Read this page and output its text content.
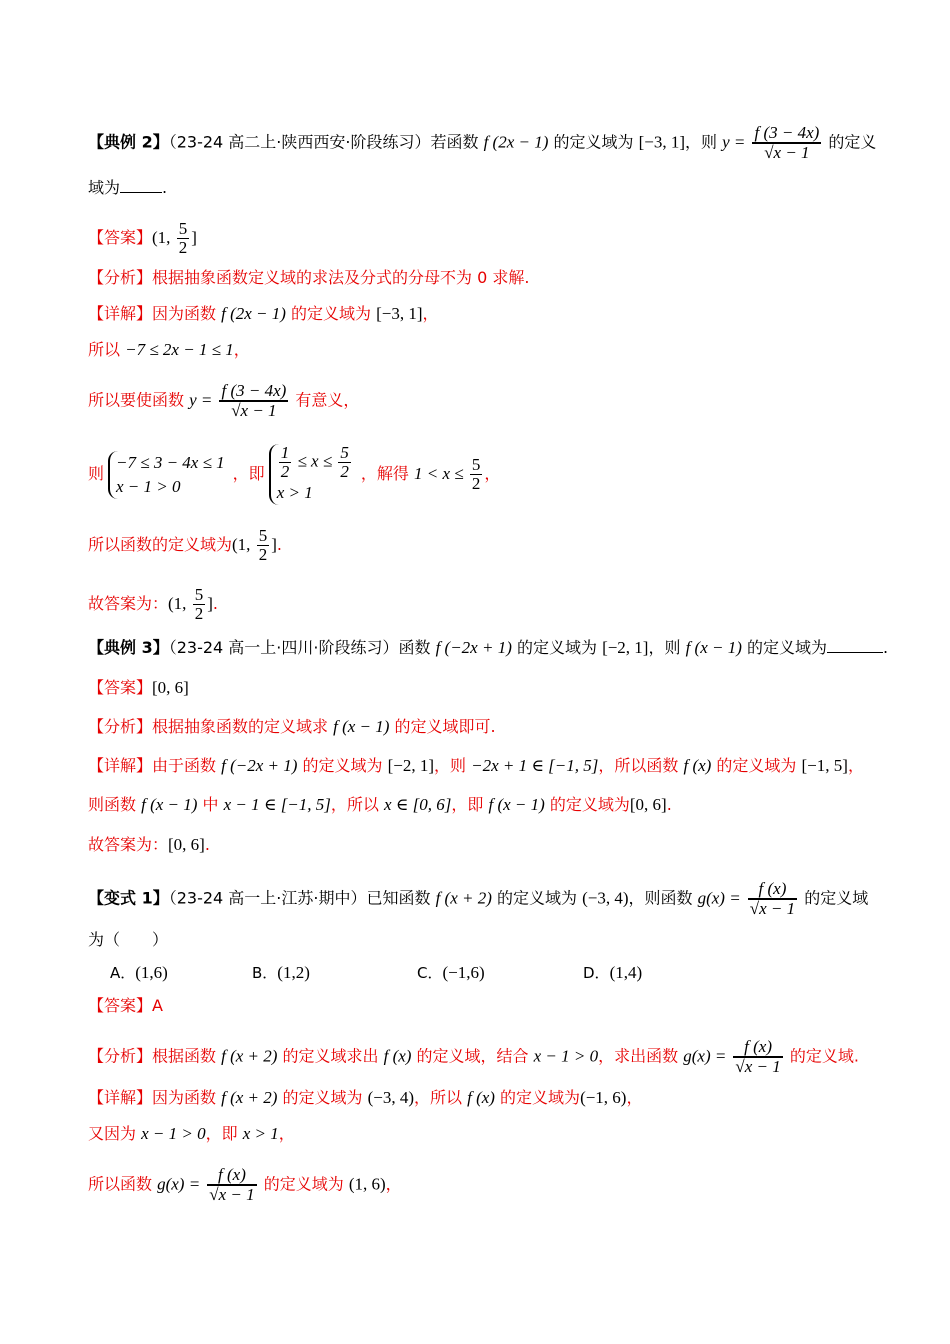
【典例 2】（23-24 高二上·陕西西安·阶段练习）若函数 f (2x − 1) 的定义域为 [−3, 1]，则 $y = \frac{f (3 - 4x)}{√x - 1}$ 的定义
域为	.
【答案】(1, $\frac{5}{2}$ ]
【分析】根据抽象函数定义域的求法及分式的分母不为 0 求解.
【详解】因为函数 f (2x − 1) 的定义域为 [−3, 1]，
所以 −7 ≤ 2x − 1 ≤ 1，
所以要使函数 $y = \frac{f (3 - 4x)}{√x - 1}$ 有意义，
则
−7 ≤ 3 − 4x ≤ 1
x − 1 > 0
，即 $\frac{1}{2} \le x \le \frac{5}{2}$
x > 1
，解得 $1 < x \le \frac{5}{2}$ ，
所以函数的定义域为(1, $\frac{5}{2}$ ].
故答案为：(1, $\frac{5}{2}$ ].
【典例 3】（23-24 高一上·四川·阶段练习）函数 f (−2x + 1) 的定义域为 [−2, 1]，则 f (x − 1) 的定义域为	.
【答案】[0, 6]
【分析】根据抽象函数的定义域求 f (x − 1) 的定义域即可.
【详解】由于函数 f (−2x + 1) 的定义域为 [−2, 1]，则 −2x + 1 ∈ [−1, 5]，所以函数 f (x) 的定义域为 [−1, 5]，
则函数 f (x − 1) 中 x − 1 ∈ [−1, 5]，所以 x ∈ [0, 6]，即 f (x − 1) 的定义域为[0, 6].
故答案为：[0, 6].
【变式 1】（23-24 高一上·江苏·期中）已知函数 f (x + 2) 的定义域为 (−3, 4)，则函数 $g(x) = \frac{f (x)}{√x - 1}$ 的定义域
为（　　）
A．(1,6)	B．(1,2)	C．(−1,6)	D．(1,4)
【答案】A
【分析】根据函数 f (x + 2) 的定义域求出 f (x) 的定义域，结合 x − 1 > 0，求出函数 $g(x) = \frac{f (x)}{√x - 1}$ 的定义域.
【详解】因为函数 f (x + 2) 的定义域为 (−3, 4)，所以 f (x) 的定义域为(−1, 6)，
又因为 x − 1 > 0，即 x > 1，
所以函数 $g(x) = \frac{f (x)}{√x - 1}$ 的定义域为 (1, 6)，
